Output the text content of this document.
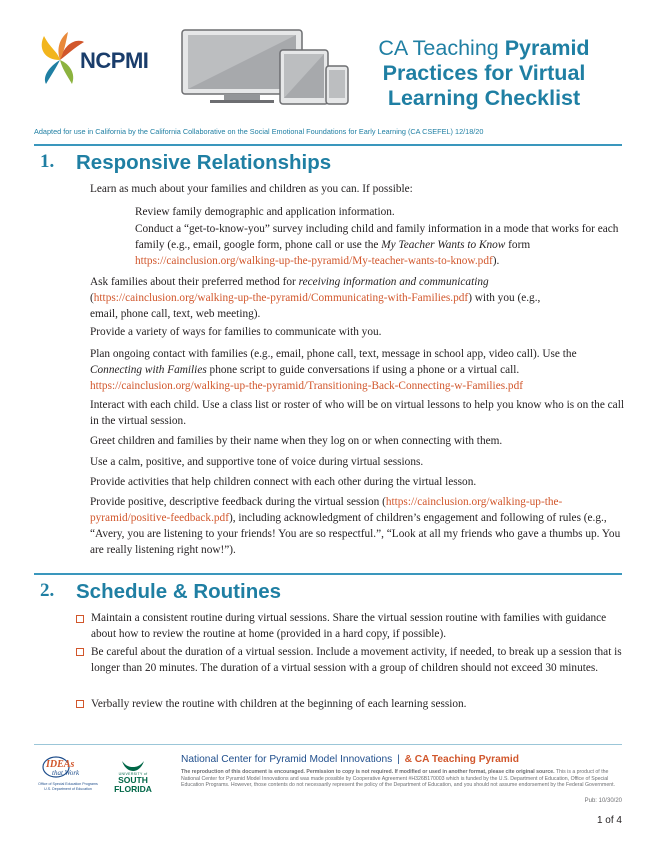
NCPMI	CA Teaching Pyramid
Practices for Virtual
Learning Checklist
Adapted for use in California by the California Collaborative on the Social Emotional Foundations for Early Learning (CA CSEFEL) 12/18/20
1. Responsive Relationships
Learn as much about your families and children as you can. If possible:
Review family demographic and application information.
Conduct a “get-to-know-you” survey including child and family information in a mode that works for each family (e.g., email, google form, phone call or use the My Teacher Wants to Know form https://cainclusion.org/walking-up-the-pyramid/My-teacher-wants-to-know.pdf).
Ask families about their preferred method for receiving information and communicating (https://cainclusion.org/walking-up-the-pyramid/Communicating-with-Families.pdf) with you (e.g., email, phone call, text, web meeting).
Provide a variety of ways for families to communicate with you.
Plan ongoing contact with families (e.g., email, phone call, text, message in school app, video call). Use the Connecting with Families phone script to guide conversations if using a phone or a virtual call. https://cainclusion.org/walking-up-the-pyramid/Transitioning-Back-Connecting-w-Families.pdf
Interact with each child. Use a class list or roster of who will be on virtual lessons to help you know who is on the call in the virtual session.
Greet children and families by their name when they log on or when connecting with them.
Use a calm, positive, and supportive tone of voice during virtual sessions.
Provide activities that help children connect with each other during the virtual lesson.
Provide positive, descriptive feedback during the virtual session (https://cainclusion.org/walking-up-the-pyramid/positive-feedback.pdf), including acknowledgment of children’s engagement and following of rules (e.g., “Avery, you are listening to your friends! You are so respectful.”, “Look at all my friends who gave a thumbs up. You are really listening right now!”).
2. Schedule & Routines
Maintain a consistent routine during virtual sessions. Share the virtual session routine with families with guidance about how to review the routine at home (provided in a hard copy, if possible).
Be careful about the duration of a virtual session. Include a movement activity, if needed, to break up a session that is longer than 20 minutes. The duration of a virtual session with a group of children should not exceed 30 minutes.
Verbally review the routine with children at the beginning of each learning session.
IDEAs
that Work
Office of Special Education Programs U.S. Department of Education
UNIVERSITY of
SOUTH
FLORIDA
National Center for Pyramid Model Innovations | & CA Teaching Pyramid
The reproduction of this document is encouraged. Permission to copy is not required. If modified or used in another format, please cite original source. This is a product of the National Center for Pyramid Model Innovations and was made possible by Cooperative Agreement #H326B170003 which is funded by the U.S. Department of Education, Office of Special Education Programs. However, those contents do not necessarily represent the policy of the Department of Education, and you should not assume endorsement by the Federal Government.
Pub: 10/30/20
1 of 4
